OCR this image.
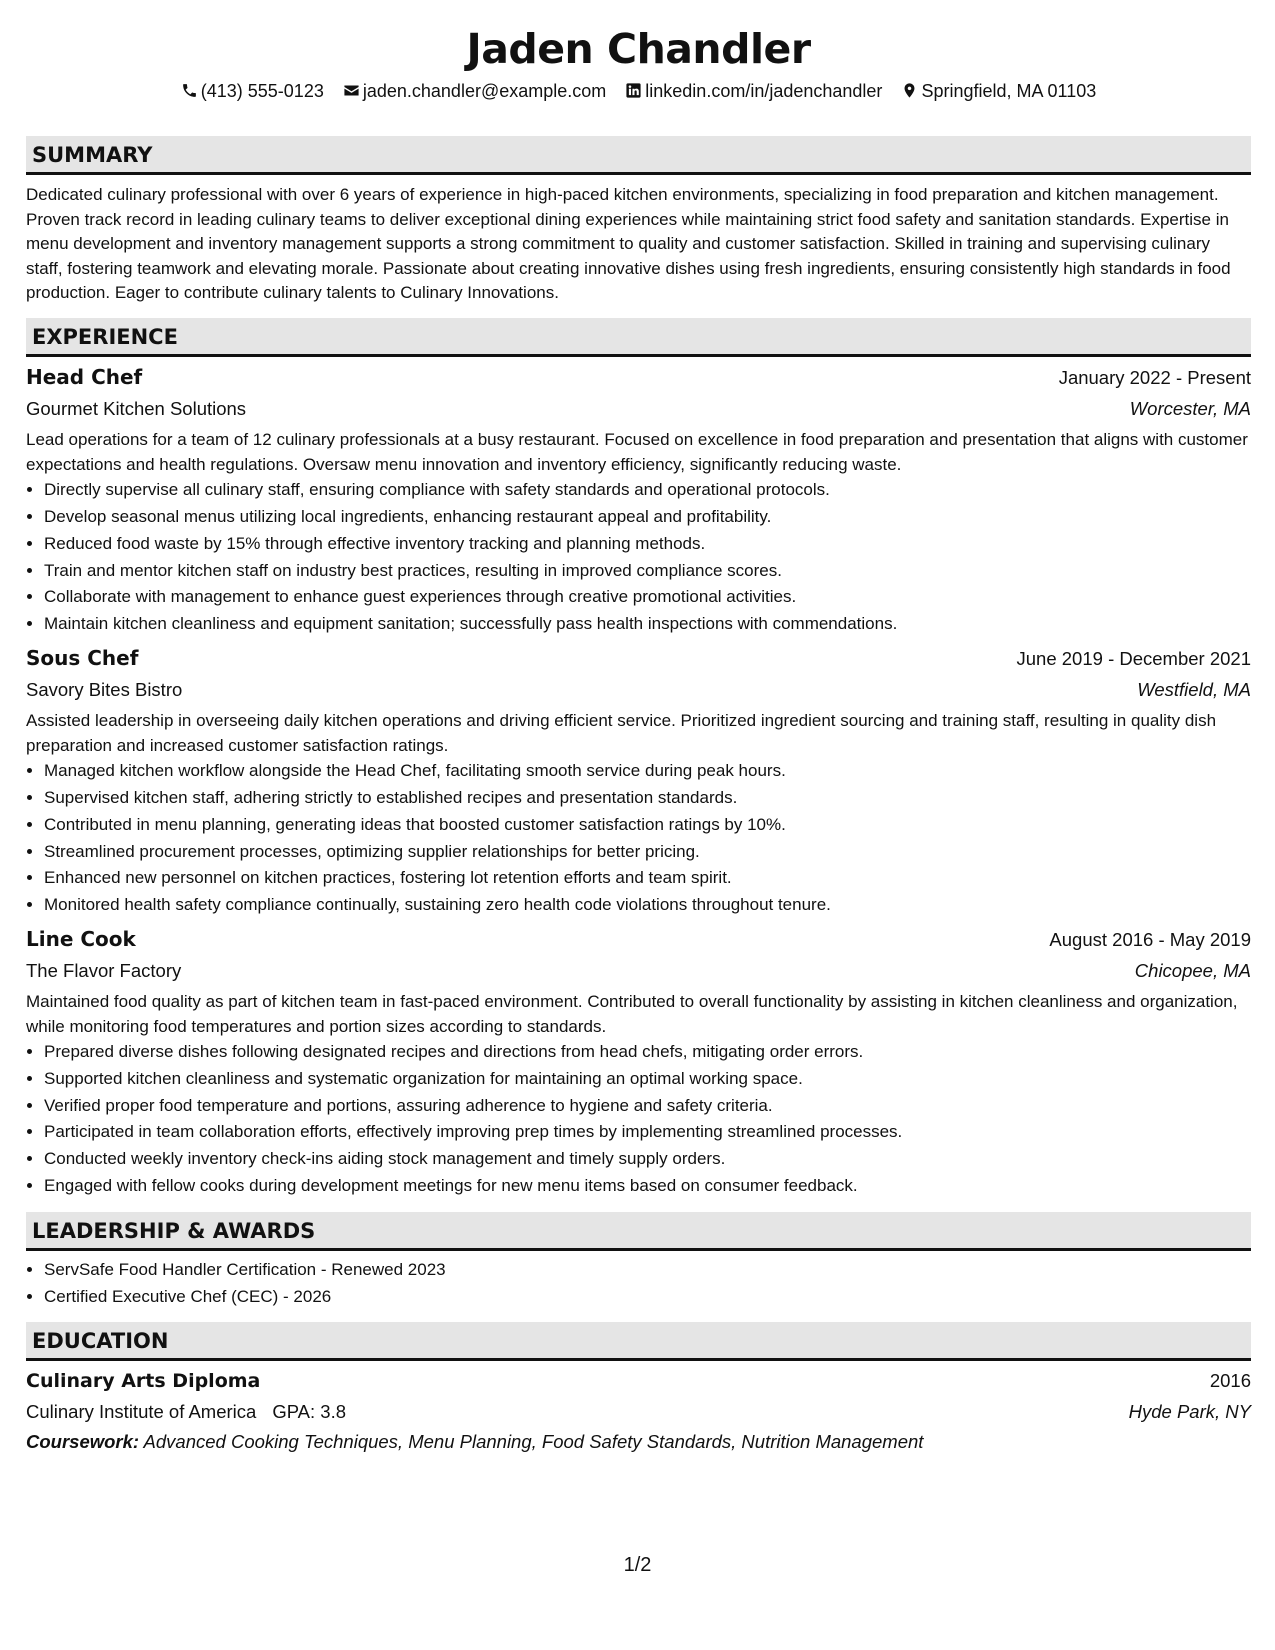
Jaden Chandler
(413) 555-0123 jaden.chandler@example.com linkedin.com/in/jadenchandler Springfield, MA 01103
SUMMARY

Dedicated culinary professional with over 6 years of experience in high-paced kitchen environments, specializing in food preparation and kitchen management. Proven track record in leading culinary teams to deliver exceptional dining experiences while maintaining strict food safety and sanitation standards. Expertise in menu development and inventory management supports a strong commitment to quality and customer satisfaction. Skilled in training and supervising culinary staff, fostering teamwork and elevating morale. Passionate about creating innovative dishes using fresh ingredients, ensuring consistently high standards in food production. Eager to contribute culinary talents to Culinary Innovations.

EXPERIENCE
Head Chef	January 2022 - Present
Gourmet Kitchen Solutions	Worcester, MA

Lead operations for a team of 12 culinary professionals at a busy restaurant. Focused on excellence in food preparation and presentation that aligns with customer expectations and health regulations. Oversaw menu innovation and inventory efficiency, significantly reducing waste.

• Directly supervise all culinary staff, ensuring compliance with safety standards and operational protocols.
• Develop seasonal menus utilizing local ingredients, enhancing restaurant appeal and profitability.
• Reduced food waste by 15% through effective inventory tracking and planning methods.
• Train and mentor kitchen staff on industry best practices, resulting in improved compliance scores.
• Collaborate with management to enhance guest experiences through creative promotional activities.
• Maintain kitchen cleanliness and equipment sanitation; successfully pass health inspections with commendations.
Sous Chef	June 2019 - December 2021
Savory Bites Bistro	Westfield, MA

Assisted leadership in overseeing daily kitchen operations and driving efficient service. Prioritized ingredient sourcing and training staff, resulting in quality dish preparation and increased customer satisfaction ratings.

• Managed kitchen workflow alongside the Head Chef, facilitating smooth service during peak hours.
• Supervised kitchen staff, adhering strictly to established recipes and presentation standards.
• Contributed in menu planning, generating ideas that boosted customer satisfaction ratings by 10%.
• Streamlined procurement processes, optimizing supplier relationships for better pricing.
• Enhanced new personnel on kitchen practices, fostering lot retention efforts and team spirit.
• Monitored health safety compliance continually, sustaining zero health code violations throughout tenure.
Line Cook	August 2016 - May 2019
The Flavor Factory	Chicopee, MA

Maintained food quality as part of kitchen team in fast-paced environment. Contributed to overall functionality by assisting in kitchen cleanliness and organization, while monitoring food temperatures and portion sizes according to standards.

• Prepared diverse dishes following designated recipes and directions from head chefs, mitigating order errors.
• Supported kitchen cleanliness and systematic organization for maintaining an optimal working space.
• Verified proper food temperature and portions, assuring adherence to hygiene and safety criteria.
• Participated in team collaboration efforts, effectively improving prep times by implementing streamlined processes.
• Conducted weekly inventory check-ins aiding stock management and timely supply orders.
• Engaged with fellow cooks during development meetings for new menu items based on consumer feedback.
LEADERSHIP & AWARDS
• ServSafe Food Handler Certification - Renewed 2023
• Certified Executive Chef (CEC) - 2026
EDUCATION
Culinary Arts Diploma	2016
Culinary Institute of America GPA: 3.8	Hyde Park, NY
Coursework: Advanced Cooking Techniques, Menu Planning, Food Safety Standards, Nutrition Management
1/2
